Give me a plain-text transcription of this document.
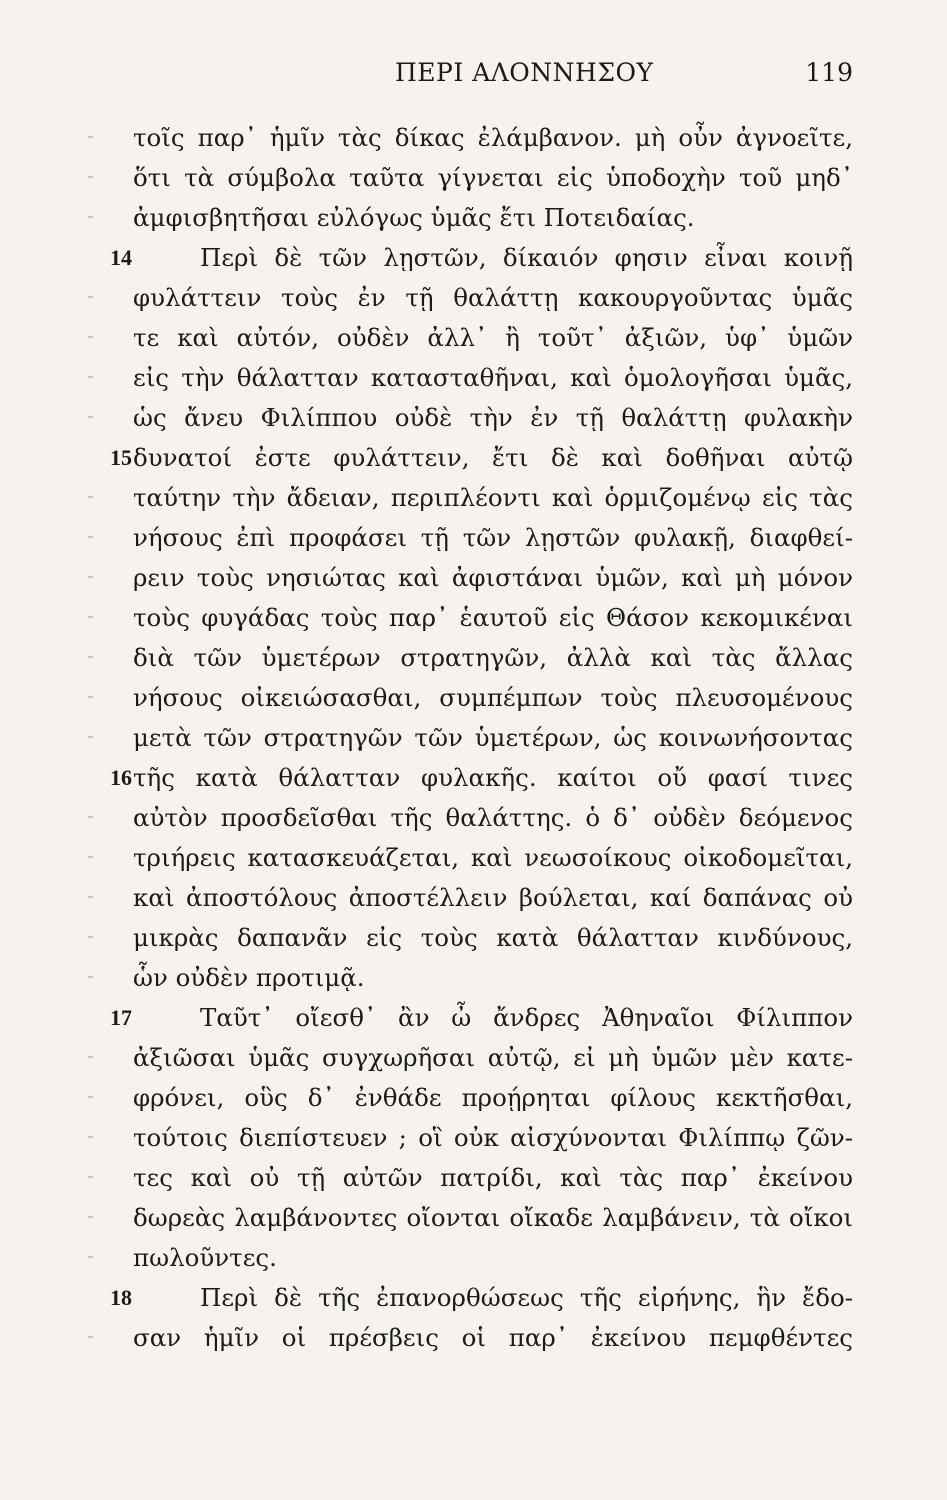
ΠΕΡΙ ΑΛΟΝΝΗΣΟΥ	119
τοῖς παρ᾽ ἡμῖν τὰς δίκας ἐλάμβανον. μὴ οὖν ἀγνοεῖτε,
ὅτι τὰ σύμβολα ταῦτα γίγνεται εἰς ὑποδοχὴν τοῦ μηδ᾽
ἀμφισβητῆσαι εὐλόγως ὑμᾶς ἔτι Ποτειδαίας.
14	Περὶ δὲ τῶν λῃστῶν, δίκαιόν φησιν εἶναι κοινῇ
φυλάττειν τοὺς ἐν τῇ θαλάττῃ κακουργοῦντας ὑμᾶς
τε καὶ αὐτόν, οὐδὲν ἀλλ᾽ ἢ τοῦτ᾽ ἀξιῶν, ὑφ᾽ ὑμῶν
εἰς τὴν θάλατταν κατασταθῆναι, καὶ ὁμολογῆσαι ὑμᾶς,
ὡς ἄνευ Φιλίππου οὐδὲ τὴν ἐν τῇ θαλάττῃ φυλακὴν
15 δυνατοί ἐστε φυλάττειν, ἔτι δὲ καὶ δοθῆναι αὐτῷ
ταύτην τὴν ἄδειαν, περιπλέοντι καὶ ὁρμιζομένῳ εἰς τὰς
νήσους ἐπὶ προφάσει τῇ τῶν λῃστῶν φυλακῇ, διαφθεί-
ρειν τοὺς νησιώτας καὶ ἀφιστάναι ὑμῶν, καὶ μὴ μόνον
τοὺς φυγάδας τοὺς παρ᾽ ἑαυτοῦ εἰς Θάσον κεκομικέναι
διὰ τῶν ὑμετέρων στρατηγῶν, ἀλλὰ καὶ τὰς ἄλλας
νήσους οἰκειώσασθαι, συμπέμπων τοὺς πλευσομένους
μετὰ τῶν στρατηγῶν τῶν ὑμετέρων, ὡς κοινωνήσοντας
16 τῆς κατὰ θάλατταν φυλακῆς. καίτοι οὔ φασί τινες
αὐτὸν προσδεῖσθαι τῆς θαλάττης. ὁ δ᾽ οὐδὲν δεόμενος
τριήρεις κατασκευάζεται, καὶ νεωσοίκους οἰκοδομεῖται,
καὶ ἀποστόλους ἀποστέλλειν βούλεται, καί δαπάνας οὐ
μικρὰς δαπανᾶν εἰς τοὺς κατὰ θάλατταν κινδύνους,
ὧν οὐδὲν προτιμᾷ.
17	Ταῦτ᾽ οἴεσθ᾽ ἂν ὦ ἄνδρες Ἀθηναῖοι Φίλιππον
ἀξιῶσαι ὑμᾶς συγχωρῆσαι αὐτῷ, εἰ μὴ ὑμῶν μὲν κατε-
φρόνει, οὓς δ᾽ ἐνθάδε προῄρηται φίλους κεκτῆσθαι,
τούτοις διεπίστευεν ; οἳ οὐκ αἰσχύνονται Φιλίππῳ ζῶν-
τες καὶ οὐ τῇ αὐτῶν πατρίδι, καὶ τὰς παρ᾽ ἐκείνου
δωρεὰς λαμβάνοντες οἴονται οἴκαδε λαμβάνειν, τὰ οἴκοι
πωλοῦντες.
18	Περὶ δὲ τῆς ἐπανορθώσεως τῆς εἰρήνης, ἣν ἔδο-
σαν ἡμῖν οἱ πρέσβεις οἱ παρ᾽ ἐκείνου πεμφθέντες
